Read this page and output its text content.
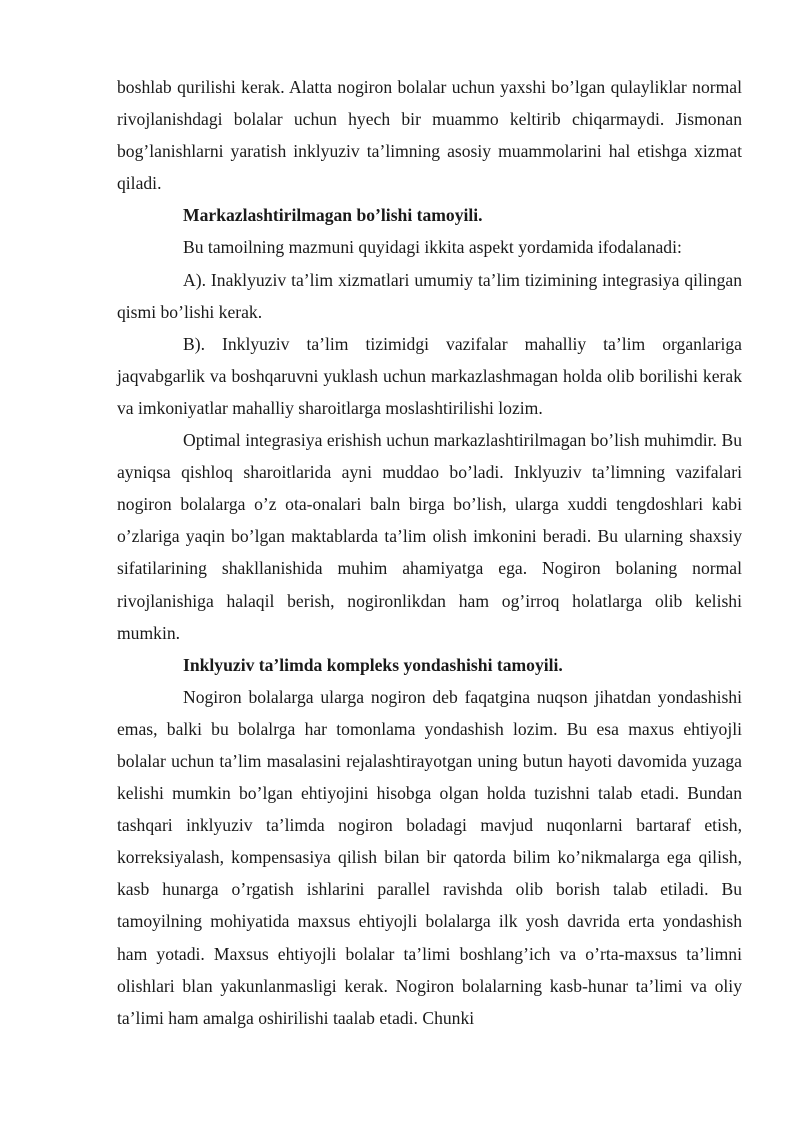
boshlab qurilishi kerak. Alatta nogiron bolalar uchun yaxshi bo’lgan qulayliklar normal rivojlanishdagi bolalar uchun hyech bir muammo keltirib chiqarmaydi. Jismonan bog’lanishlarni yaratish inklyuziv ta’limning asosiy muammolarini hal etishga xizmat qiladi.

Markazlashtirilmagan bo’lishi tamoyili.

Bu tamoilning mazmuni quyidagi ikkita aspekt yordamida ifodalanadi:

A). Inaklyuziv ta’lim xizmatlari umumiy ta’lim tizimining integrasiya qilingan qismi bo’lishi kerak.

B). Inklyuziv ta’lim tizimidgi vazifalar mahalliy ta’lim organlariga jaqvabgarlik va boshqaruvni yuklash uchun markazlashmagan holda olib borilishi kerak va imkoniyatlar mahalliy sharoitlarga moslashtirilishi lozim.

Optimal integrasiya erishish uchun markazlashtirilmagan bo’lish muhimdir. Bu ayniqsa qishloq sharoitlarida ayni muddao bo’ladi. Inklyuziv ta’limning vazifalari nogiron bolalarga o’z ota-onalari baln birga bo’lish, ularga xuddi tengdoshlari kabi o’zlariga yaqin bo’lgan maktablarda ta’lim olish imkonini beradi. Bu ularning shaxsiy sifatilarining shakllanishida muhim ahamiyatga ega. Nogiron bolaning normal rivojlanishiga halaqil berish, nogironlikdan ham og’irroq holatlarga olib kelishi mumkin.

Inklyuziv ta’limda kompleks yondashishi tamoyili.

Nogiron bolalarga ularga nogiron deb faqatgina nuqson jihatdan yondashishi emas, balki bu bolalrga har tomonlama yondashish lozim. Bu esa maxus ehtiyojli bolalar uchun ta’lim masalasini rejalashtirayotgan uning butun hayoti davomida yuzaga kelishi mumkin bo’lgan ehtiyojini hisobga olgan holda tuzishni talab etadi. Bundan tashqari inklyuziv ta’limda nogiron boladagi mavjud nuqonlarni bartaraf etish, korreksiyalash, kompensasiya qilish bilan bir qatorda bilim ko’nikmalarga ega qilish, kasb hunarga o’rgatish ishlarini parallel ravishda olib borish talab etiladi. Bu tamoyilning mohiyatida maxsus ehtiyojli bolalarga ilk yosh davrida erta yondashish ham yotadi. Maxsus ehtiyojli bolalar ta’limi boshlang’ich va o’rta-maxsus ta’limni olishlari blan yakunlanmasligi kerak. Nogiron bolalarning kasb-hunar ta’limi va oliy ta’limi ham amalga oshirilishi taalab etadi. Chunki
